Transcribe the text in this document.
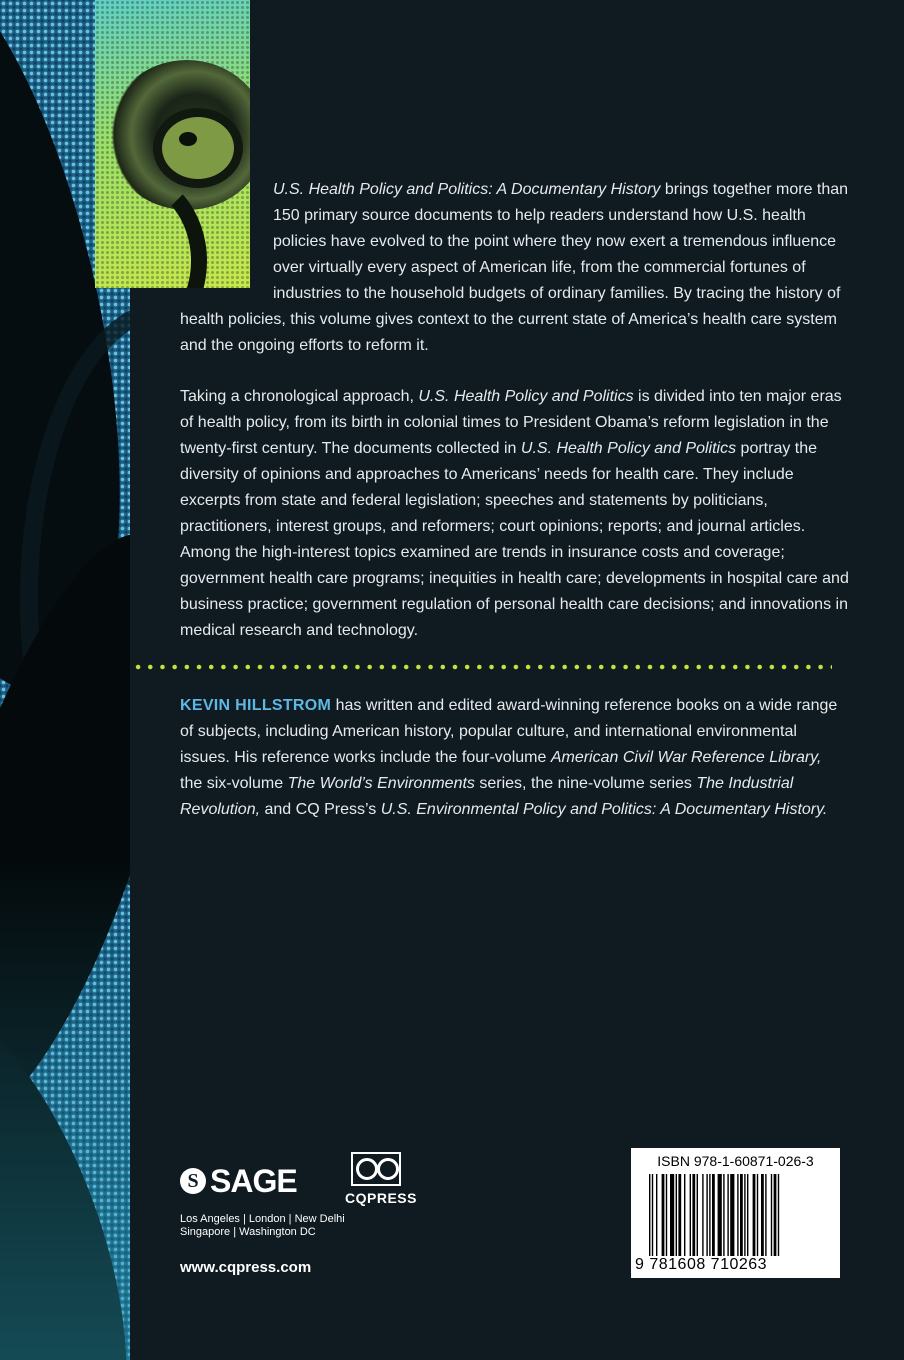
U.S. Health Policy and Politics: A Documentary History brings together more than 150 primary source documents to help readers understand how U.S. health policies have evolved to the point where they now exert a tremendous influence over virtually every aspect of American life, from the commercial fortunes of industries to the household budgets of ordinary families. By tracing the history of health policies, this volume gives context to the current state of America’s health care system and the ongoing efforts to reform it.
Taking a chronological approach, U.S. Health Policy and Politics is divided into ten major eras of health policy, from its birth in colonial times to President Obama’s reform legislation in the twenty-first century. The documents collected in U.S. Health Policy and Politics portray the diversity of opinions and approaches to Americans’ needs for health care. They include excerpts from state and federal legislation; speeches and statements by politicians, practitioners, interest groups, and reformers; court opinions; reports; and journal articles. Among the high-interest topics examined are trends in insurance costs and coverage; government health care programs; inequities in health care; developments in hospital care and business practice; government regulation of personal health care decisions; and innovations in medical research and technology.
KEVIN HILLSTROM has written and edited award-winning reference books on a wide range of subjects, including American history, popular culture, and international environmental issues. His reference works include the four-volume American Civil War Reference Library, the six-volume The World’s Environments series, the nine-volume series The Industrial Revolution, and CQ Press’s U.S. Environmental Policy and Politics: A Documentary History.
S SAGE	CQPRESS
Los Angeles | London | New Delhi
Singapore | Washington DC
www.cqpress.com
ISBN 978-1-60871-026-3
9 781608 710263
